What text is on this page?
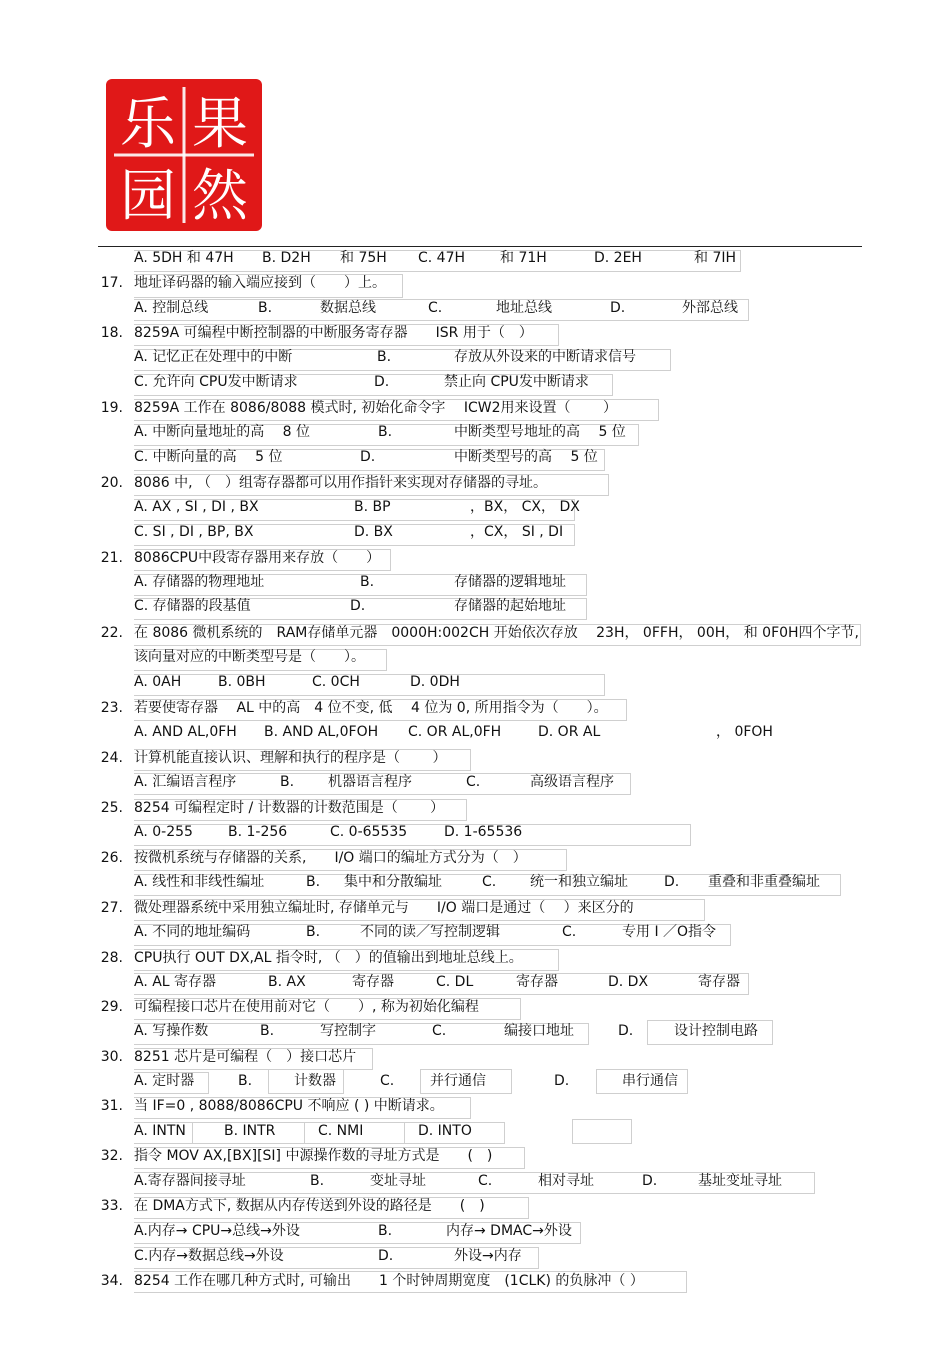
乐 果
园 然
A. 5DH 和 47H B. D2H 和 75H C. 47H 和 71H	D. 2EH	和 7IH
17. 地址译码器的输入端应接到（　　）上。
A. 控制总线	B.	数据总线	C.	地址总线	D.	外部总线
18. 8259A 可编程中断控制器的中断服务寄存器　　ISR 用于（　）
A. 记忆正在处理中的中断	B.	存放从外设来的中断请求信号
C. 允许向 CPU发中断请求	D.	禁止向 CPU发中断请求
19. 8259A 工作在 8086/8088 模式时, 初始化命令字　 ICW2用来设置（　　 ）
A. 中断向量地址的高　 8 位	B.	中断类型号地址的高　 5 位
C. 中断向量的高　 5 位	D.	中断类型号的高　 5 位
20. 8086 中, （　）组寄存器都可以用作指针来实现对存储器的寻址。
A. AX , SI , DI , BX	B. BP	，BX， CX， DX
C. SI , DI , BP, BX	D. BX	，CX， SI , DI
21. 8086CPU中段寄存器用来存放（　　）
A. 存储器的物理地址	B.	存储器的逻辑地址
C. 存储器的段基值	D.	存储器的起始地址
22. 在 8086 微机系统的　RAM存储单元器　0000H:002CH 开始依次存放　 23H， 0FFH， 00H， 和 0F0H四个字节,
该向量对应的中断类型号是（　　）。
A. 0AH	B. 0BH	C. 0CH	D. 0DH
23. 若要使寄存器　 AL 中的高　4 位不变, 低　 4 位为 0, 所用指令为（　　）。
A. AND AL,0FH B. AND AL,0FOH C. OR AL,0FH	D. OR AL	， 0FOH
24. 计算机能直接认识、理解和执行的程序是（　　 ）
A. 汇编语言程序	B. 机器语言程序	C.	高级语言程序
25. 8254 可编程定时 / 计数器的计数范围是（　　 ）
A. 0-255	B. 1-256	C. 0-65535	D. 1-65536
26. 按微机系统与存储器的关系,　　I/O 端口的编址方式分为（　）
A. 线性和非线性编址	B. 集中和分散编址	C. 统一和独立编址	D. 重叠和非重叠编址
27. 微处理器系统中采用独立编址时, 存储单元与　　I/O 端口是通过（　 ）来区分的
A. 不同的地址编码	B.	不同的读／写控制逻辑	C.	专用 I ／O指令
28. CPU执行 OUT DX,AL 指令时, （　）的值输出到地址总线上。
A. AL 寄存器	B. AX	寄存器	C. DL	寄存器	D. DX	寄存器
29. 可编程接口芯片在使用前对它（　　）, 称为初始化编程
A. 写操作数	B.	写控制字	C.	编接口地址	D.	设计控制电路
30. 8251 芯片是可编程（　）接口芯片
A. 定时器	B.	计数器	C.	并行通信	D.	串行通信
31. 当 IF=0 , 8088/8086CPU 不响应 ( ) 中断请求。
A. INTN	B. INTR	C. NMI	D. INTO
32. 指令 MOV AX,[BX][SI] 中源操作数的寻址方式是　　(　)
A.寄存器间接寻址	B.	变址寻址	C.	相对寻址	D.	基址变址寻址
33. 在 DMA方式下, 数据从内存传送到外设的路径是　　(　)
A.内存→ CPU→总线→外设	B.	内存→ DMAC→外设
C.内存→数据总线→外设	D.	外设→内存
34. 8254 工作在哪几种方式时, 可输出　　1 个时钟周期宽度　(1CLK) 的负脉冲（ ）
